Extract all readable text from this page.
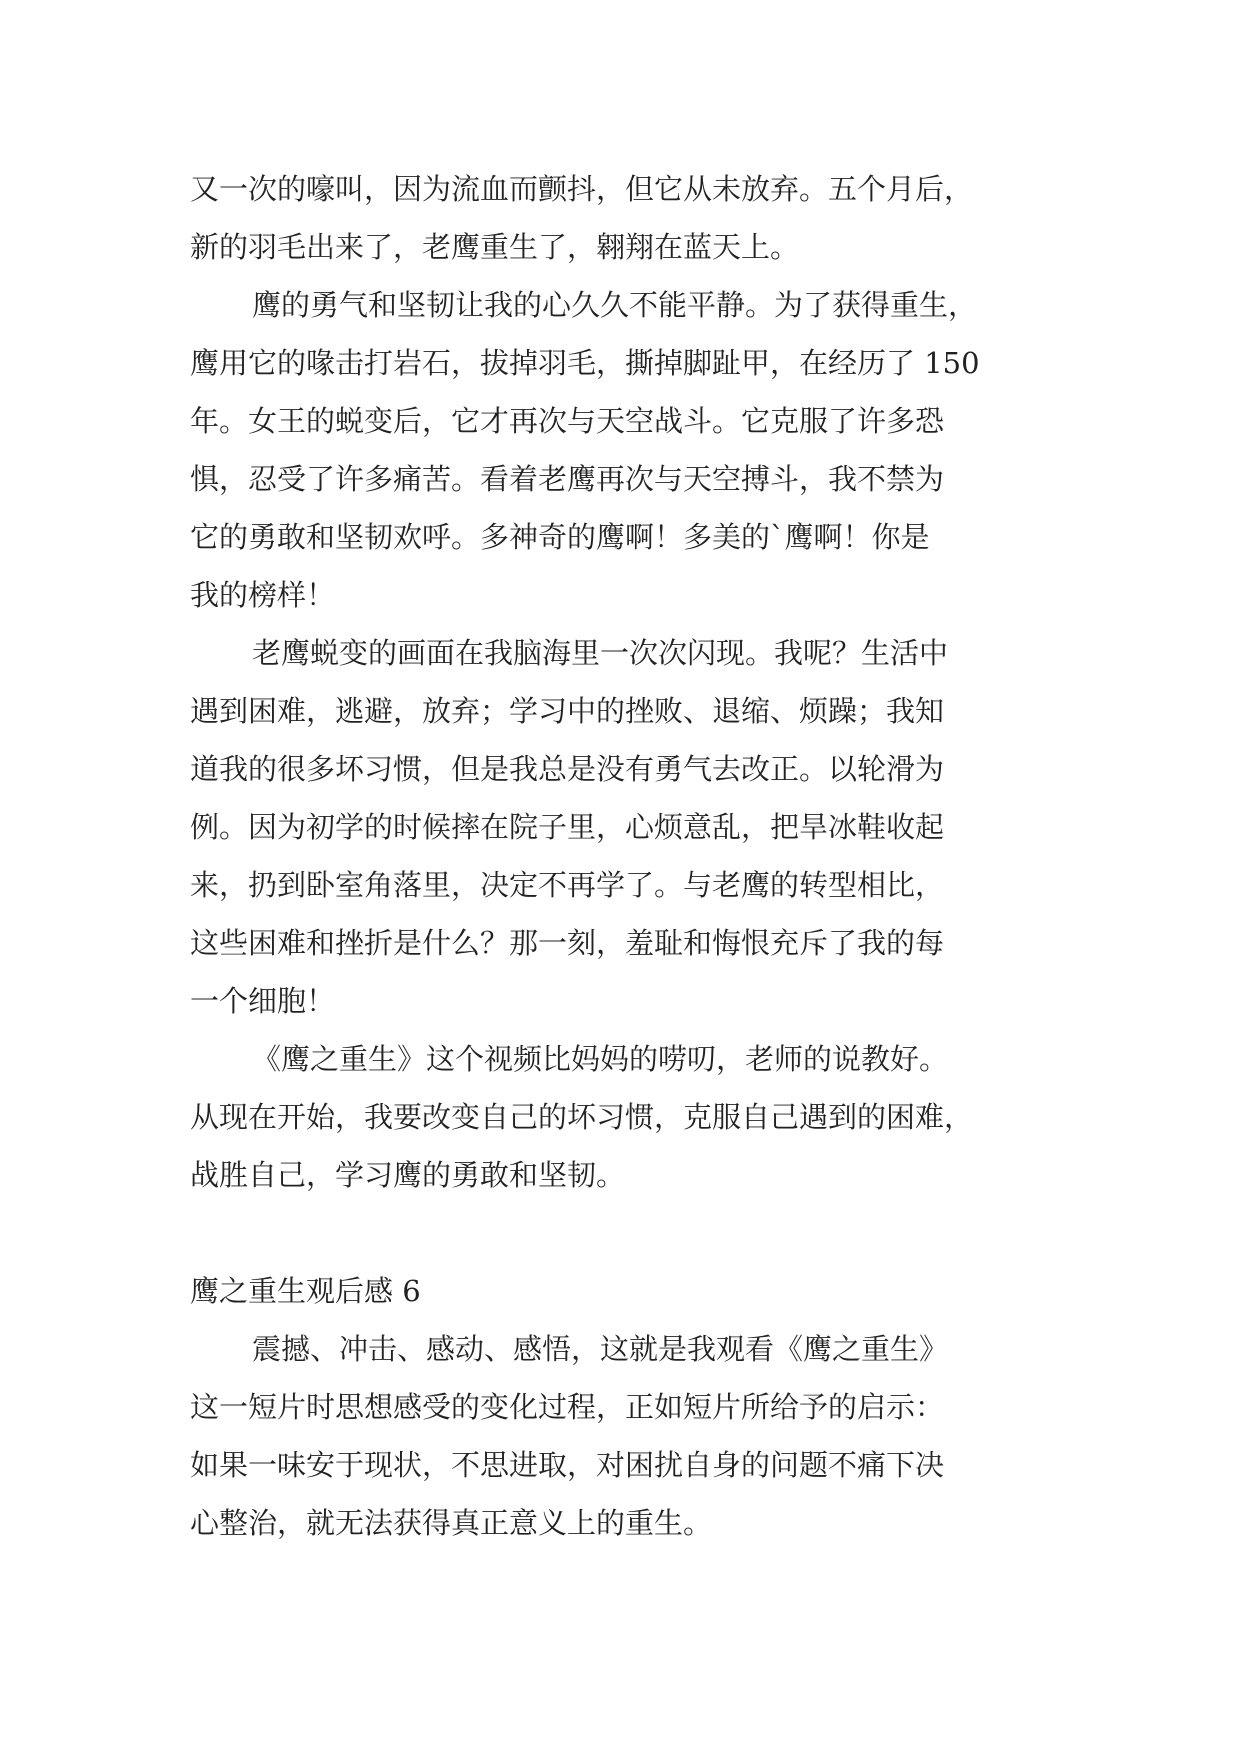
又一次的嚎叫，因为流血而颤抖，但它从未放弃。五个月后，
新的羽毛出来了，老鹰重生了，翱翔在蓝天上。
鹰的勇气和坚韧让我的心久久不能平静。为了获得重生，
鹰用它的喙击打岩石，拔掉羽毛，撕掉脚趾甲，在经历了 150
年。女王的蜕变后，它才再次与天空战斗。它克服了许多恐
惧，忍受了许多痛苦。看着老鹰再次与天空搏斗，我不禁为
它的勇敢和坚韧欢呼。多神奇的鹰啊！多美的`鹰啊！你是
我的榜样！
老鹰蜕变的画面在我脑海里一次次闪现。我呢？生活中
遇到困难，逃避，放弃；学习中的挫败、退缩、烦躁；我知
道我的很多坏习惯，但是我总是没有勇气去改正。以轮滑为
例。因为初学的时候摔在院子里，心烦意乱，把旱冰鞋收起
来，扔到卧室角落里，决定不再学了。与老鹰的转型相比，
这些困难和挫折是什么？那一刻，羞耻和悔恨充斥了我的每
一个细胞！
《鹰之重生》这个视频比妈妈的唠叨，老师的说教好。
从现在开始，我要改变自己的坏习惯，克服自己遇到的困难，
战胜自己，学习鹰的勇敢和坚韧。
鹰之重生观后感 6
震撼、冲击、感动、感悟，这就是我观看《鹰之重生》
这一短片时思想感受的变化过程，正如短片所给予的启示：
如果一味安于现状，不思进取，对困扰自身的问题不痛下决
心整治，就无法获得真正意义上的重生。
